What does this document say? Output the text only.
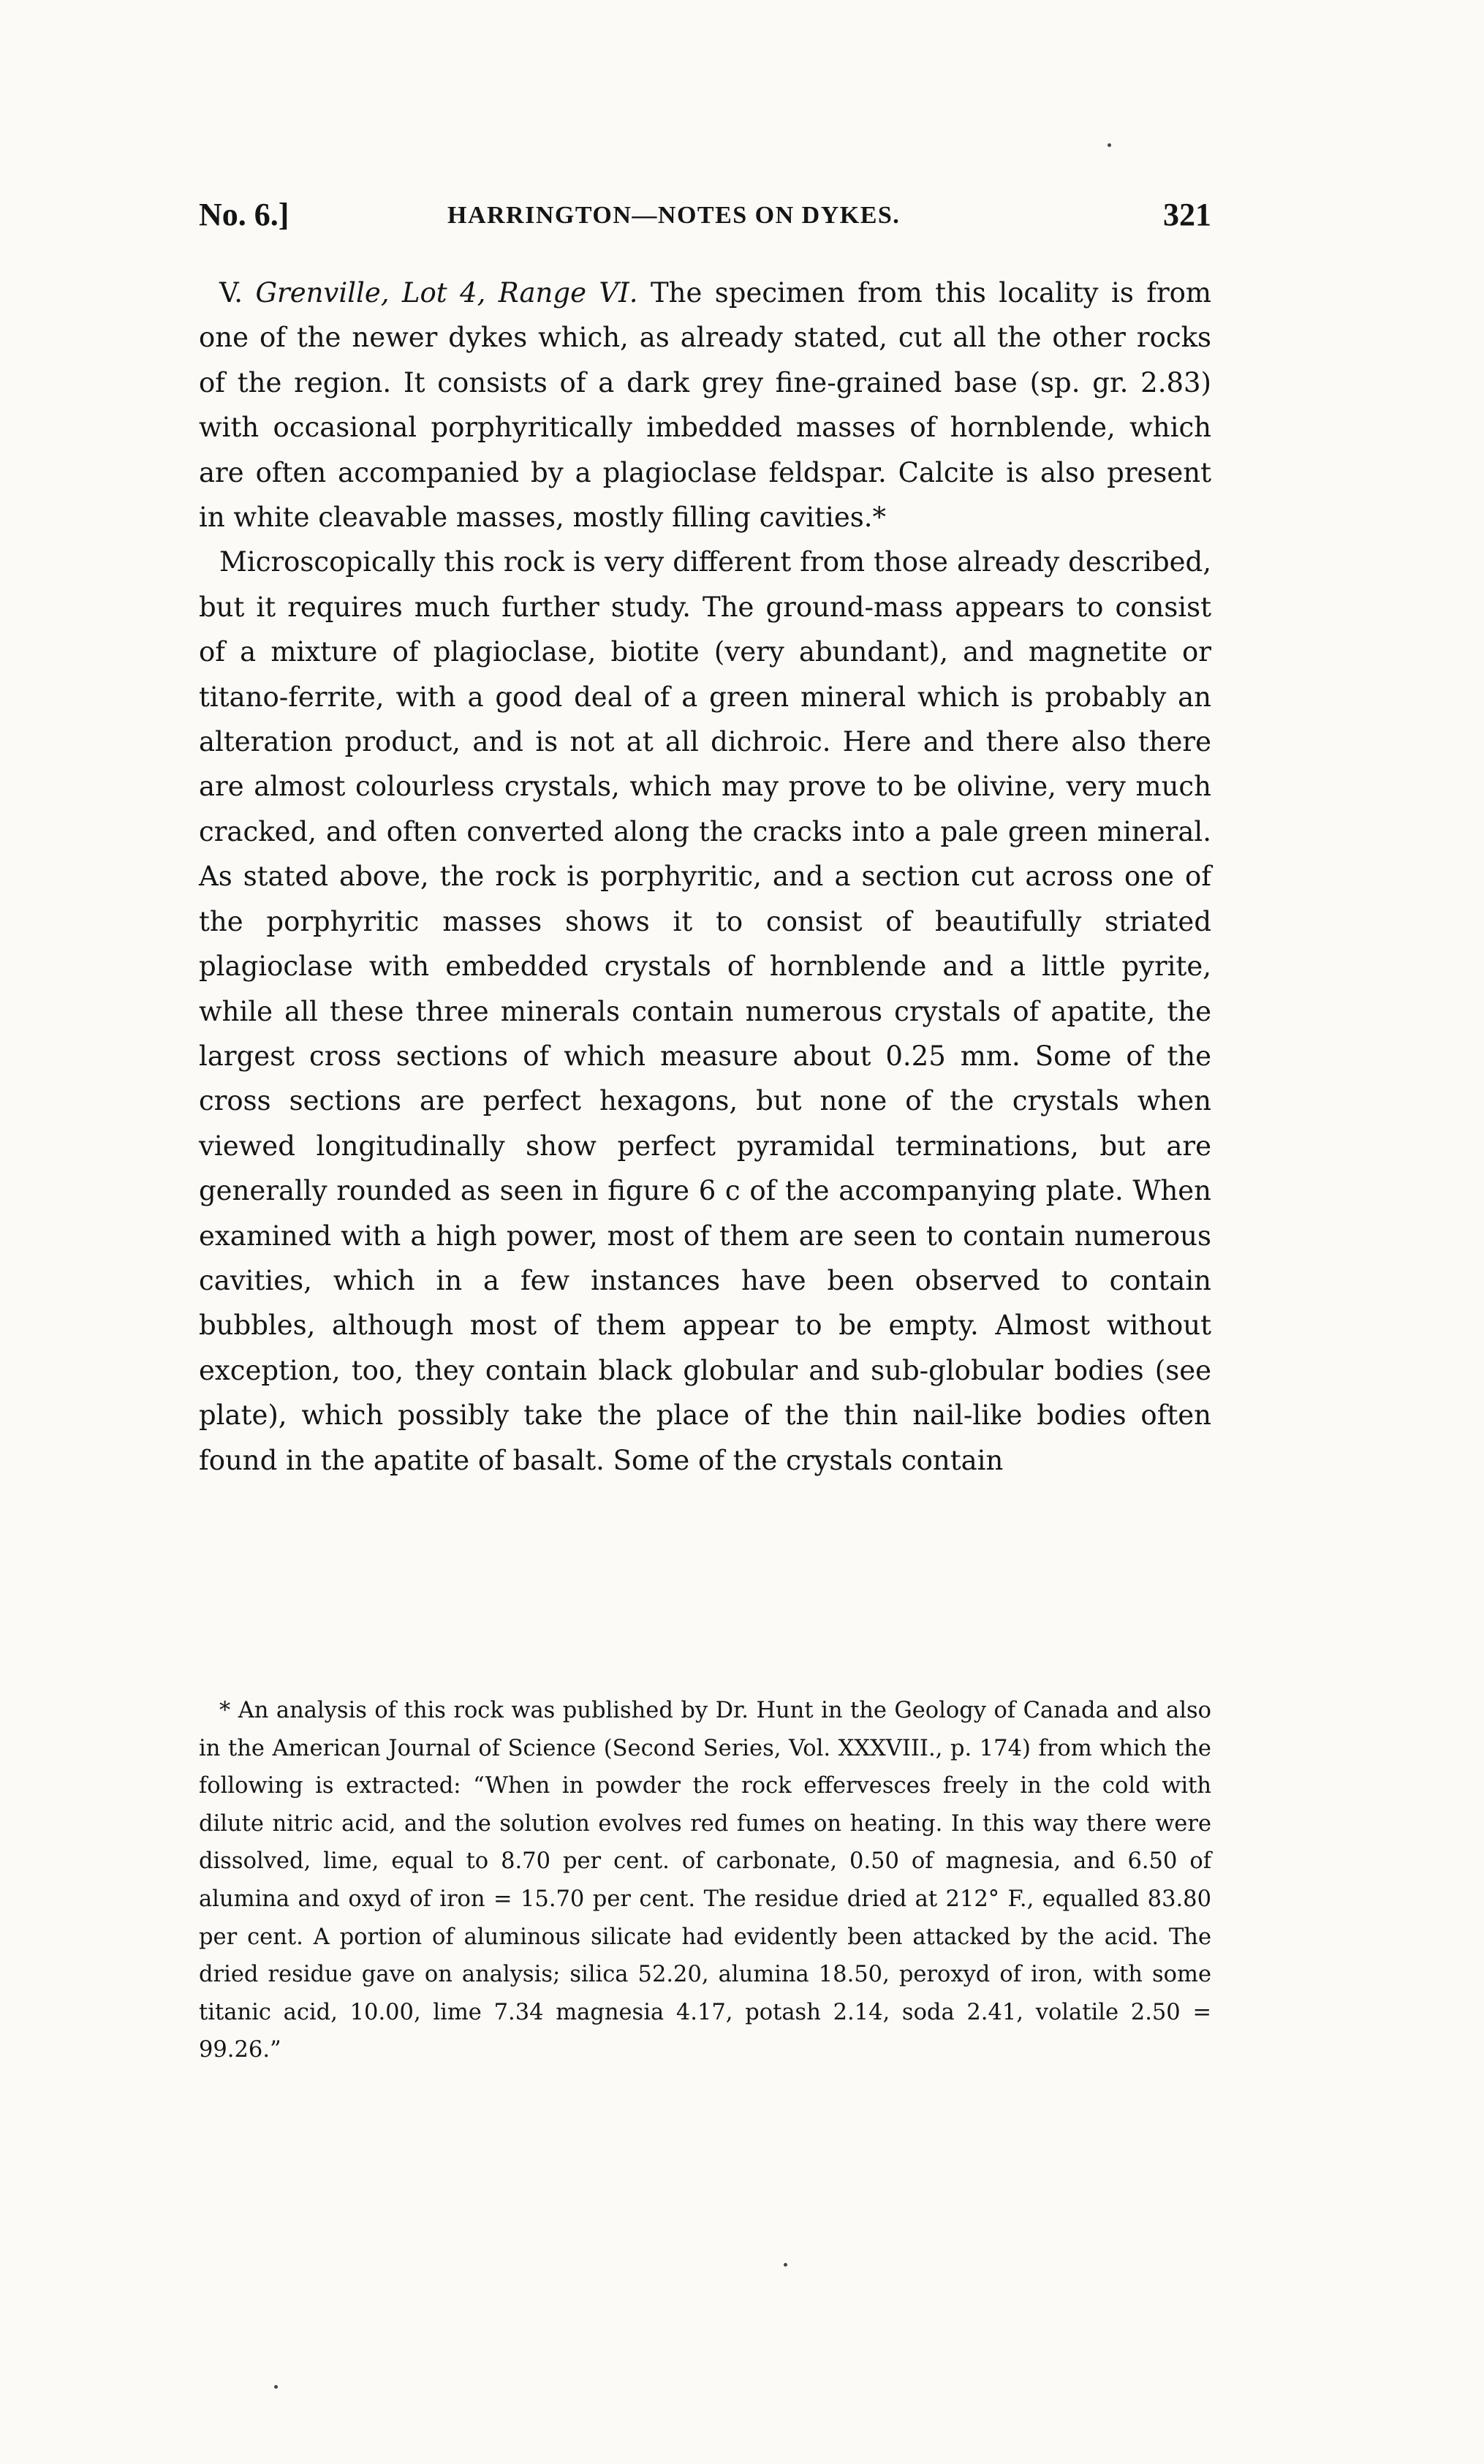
No. 6.]	HARRINGTON—NOTES ON DYKES.	321

V. Grenville, Lot 4, Range VI. The specimen from this locality is from one of the newer dykes which, as already stated, cut all the other rocks of the region. It consists of a dark grey fine-grained base (sp. gr. 2.83) with occasional porphyritically imbedded masses of hornblende, which are often accompanied by a plagioclase feldspar. Calcite is also present in white cleavable masses, mostly filling cavities.*

Microscopically this rock is very different from those already described, but it requires much further study. The ground-mass appears to consist of a mixture of plagioclase, biotite (very abundant), and magnetite or titano-ferrite, with a good deal of a green mineral which is probably an alteration product, and is not at all dichroic. Here and there also there are almost colourless crystals, which may prove to be olivine, very much cracked, and often converted along the cracks into a pale green mineral. As stated above, the rock is porphyritic, and a section cut across one of the porphyritic masses shows it to consist of beautifully striated plagioclase with embedded crystals of hornblende and a little pyrite, while all these three minerals contain numerous crystals of apatite, the largest cross sections of which measure about 0.25 mm. Some of the cross sections are perfect hexagons, but none of the crystals when viewed longitudinally show perfect pyramidal terminations, but are generally rounded as seen in figure 6 c of the accompanying plate. When examined with a high power, most of them are seen to contain numerous cavities, which in a few instances have been observed to contain bubbles, although most of them appear to be empty. Almost without exception, too, they contain black globular and sub-globular bodies (see plate), which possibly take the place of the thin nail-like bodies often found in the apatite of basalt. Some of the crystals contain

* An analysis of this rock was published by Dr. Hunt in the Geology of Canada and also in the American Journal of Science (Second Series, Vol. XXXVIII., p. 174) from which the following is extracted: “When in powder the rock effervesces freely in the cold with dilute nitric acid, and the solution evolves red fumes on heating. In this way there were dissolved, lime, equal to 8.70 per cent. of carbonate, 0.50 of magnesia, and 6.50 of alumina and oxyd of iron = 15.70 per cent. The residue dried at 212° F., equalled 83.80 per cent. A portion of aluminous silicate had evidently been attacked by the acid. The dried residue gave on analysis; silica 52.20, alumina 18.50, peroxyd of iron, with some titanic acid, 10.00, lime 7.34 magnesia 4.17, potash 2.14, soda 2.41, volatile 2.50 = 99.26.”
